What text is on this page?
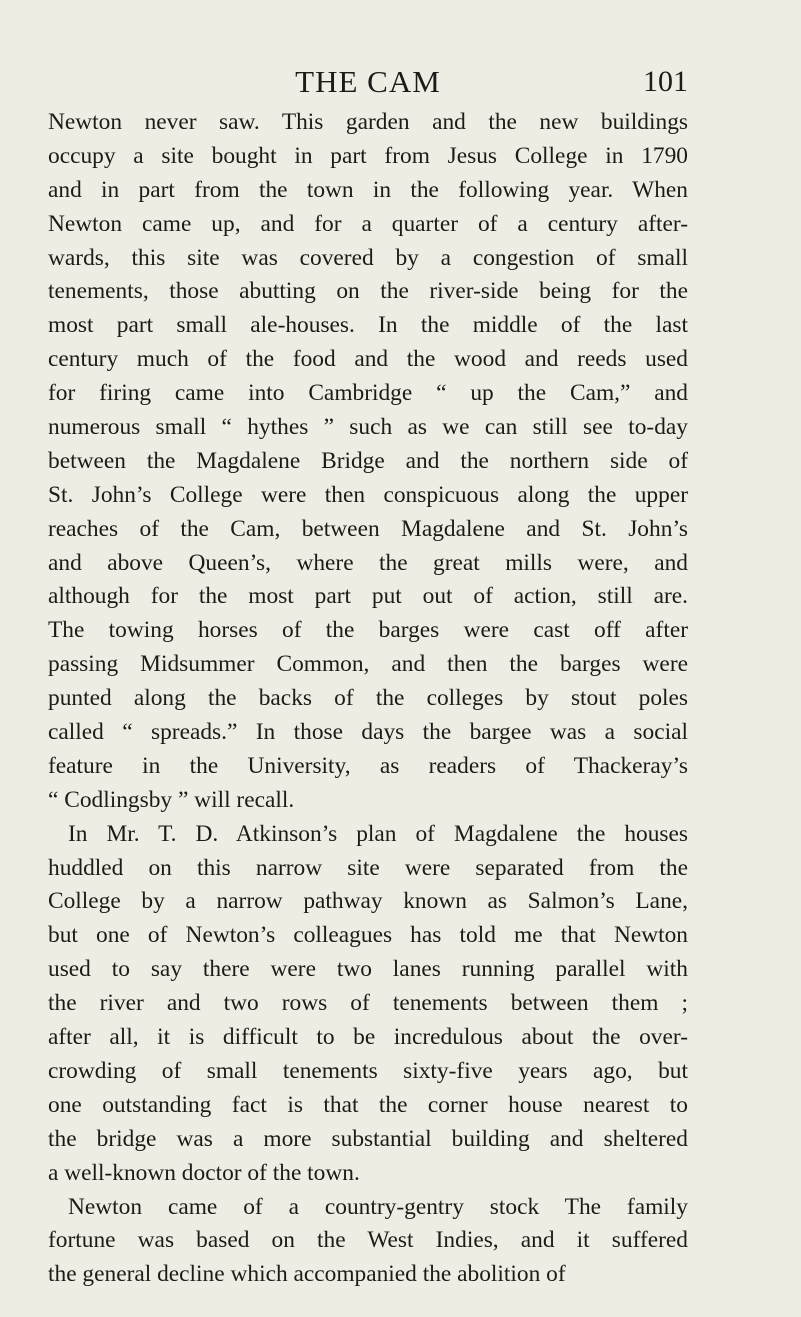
THE CAM	101
Newton never saw. This garden and the new buildings
occupy a site bought in part from Jesus College in 1790
and in part from the town in the following year. When
Newton came up, and for a quarter of a century after-
wards, this site was covered by a congestion of small
tenements, those abutting on the river-side being for the
most part small ale-houses. In the middle of the last
century much of the food and the wood and reeds used
for firing came into Cambridge “ up the Cam,” and
numerous small “ hythes ” such as we can still see to-day
between the Magdalene Bridge and the northern side of
St. John’s College were then conspicuous along the upper
reaches of the Cam, between Magdalene and St. John’s
and above Queen’s, where the great mills were, and
although for the most part put out of action, still are.
The towing horses of the barges were cast off after
passing Midsummer Common, and then the barges were
punted along the backs of the colleges by stout poles
called “ spreads.” In those days the bargee was a social
feature in the University, as readers of Thackeray’s
“ Codlingsby ” will recall.
In Mr. T. D. Atkinson’s plan of Magdalene the houses
huddled on this narrow site were separated from the
College by a narrow pathway known as Salmon’s Lane,
but one of Newton’s colleagues has told me that Newton
used to say there were two lanes running parallel with
the river and two rows of tenements between them ;
after all, it is difficult to be incredulous about the over-
crowding of small tenements sixty-five years ago, but
one outstanding fact is that the corner house nearest to
the bridge was a more substantial building and sheltered
a well-known doctor of the town.
Newton came of a country-gentry stock The family
fortune was based on the West Indies, and it suffered
the general decline which accompanied the abolition of
